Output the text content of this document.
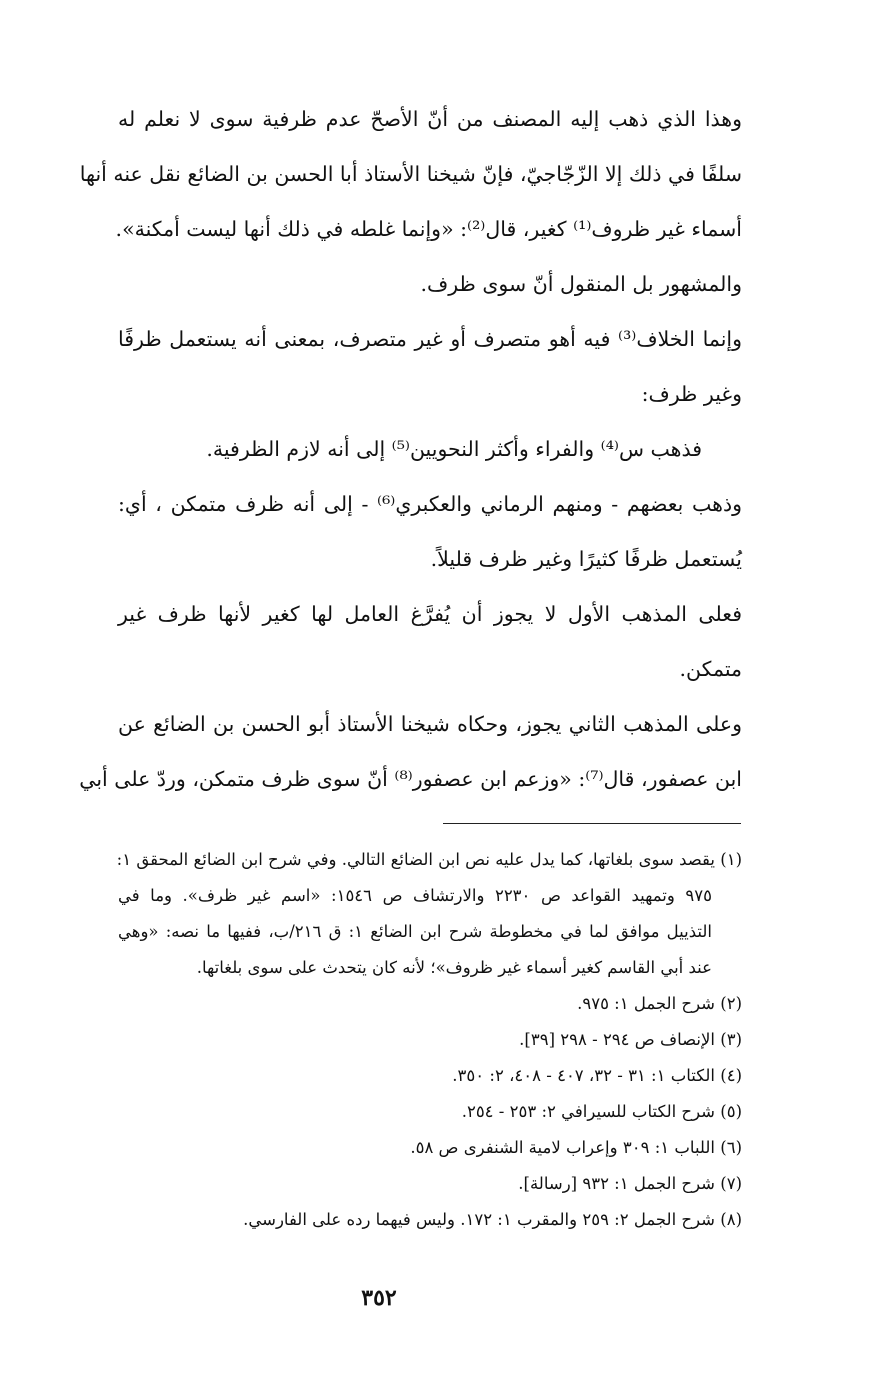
وهذا الذي ذهب إليه المصنف من أنّ الأصحّ عدم ظرفية سوى لا نعلم له
سلفًا في ذلك إلا الزّجّاجيّ، فإنّ شيخنا الأستاذ أبا الحسن بن الضائع نقل عنه أنها
أسماء غير ظروف⁽¹⁾ كغير، قال⁽²⁾: «وإنما غلطه في ذلك أنها ليست أمكنة».
والمشهور بل المنقول أنّ سوى ظرف.
وإنما الخلاف⁽³⁾ فيه أهو متصرف أو غير متصرف، بمعنى أنه يستعمل ظرفًا
وغير ظرف:
فذهب س⁽⁴⁾ والفراء وأكثر النحويين⁽⁵⁾ إلى أنه لازم الظرفية.
وذهب بعضهم - ومنهم الرماني والعكبري⁽⁶⁾ - إلى أنه ظرف متمكن ، أي:
يُستعمل ظرفًا كثيرًا وغير ظرف قليلاً.
فعلى المذهب الأول لا يجوز أن يُفرَّغ العامل لها كغير لأنها ظرف غير
متمكن.
وعلى المذهب الثاني يجوز، وحكاه شيخنا الأستاذ أبو الحسن بن الضائع عن
ابن عصفور، قال⁽⁷⁾: «وزعم ابن عصفور⁽⁸⁾ أنّ سوى ظرف متمكن، وردّ على أبي
(١) يقصد سوى بلغاتها، كما يدل عليه نص ابن الضائع التالي. وفي شرح ابن الضائع المحقق ١:
٩٧٥ وتمهيد القواعد ص ٢٢٣٠ والارتشاف ص ١٥٤٦: «اسم غير ظرف». وما في
التذييل موافق لما في مخطوطة شرح ابن الضائع ١: ق ٢١٦/ب، ففيها ما نصه: «وهي
عند أبي القاسم كغير أسماء غير ظروف»؛ لأنه كان يتحدث على سوى بلغاتها.
(٢) شرح الجمل ١: ٩٧٥.
(٣) الإنصاف ص ٢٩٤ - ٢٩٨ [٣٩].
(٤) الكتاب ١: ٣١ - ٣٢، ٤٠٧ - ٤٠٨، ٢: ٣٥٠.
(٥) شرح الكتاب للسيرافي ٢: ٢٥٣ - ٢٥٤.
(٦) اللباب ١: ٣٠٩ وإعراب لامية الشنفرى ص ٥٨.
(٧) شرح الجمل ١: ٩٣٢ [رسالة].
(٨) شرح الجمل ٢: ٢٥٩ والمقرب ١: ١٧٢. وليس فيهما رده على الفارسي.
٣٥٢
